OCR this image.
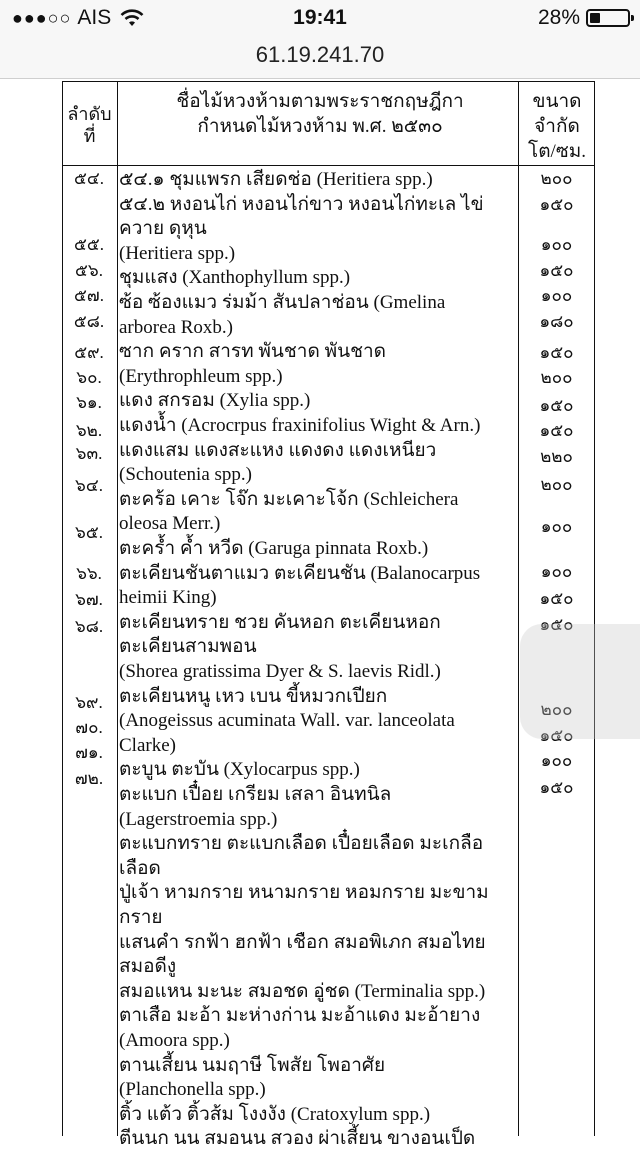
●●●○○ AIS	19:41	28%
61.19.241.70
ลำดับที่
ชื่อไม้หวงห้ามตามพระราชกฤษฎีกากำหนดไม้หวงห้าม พ.ศ. ๒๕๓๐
ขนาดจำกัดโต/ซม.
๕๔.
๕๕.
๕๖.
๕๗.
๕๘.
๕๙.
๖๐.
๖๑.
๖๒.
๖๓.
๖๔.
๖๕.
๖๖.
๖๗.
๖๘.
๖๙.
๗๐.
๗๑.
๗๒.
๕๔.๑ ชุมแพรก เสียดช่อ (Heritiera spp.)
๕๔.๒ หงอนไก่ หงอนไก่ขาว หงอนไก่ทะเล ไข่
ควาย ดุหุน
(Heritiera spp.)
ชุมแสง (Xanthophyllum spp.)
ซ้อ ซ้องแมว ร่มม้า สันปลาช่อน (Gmelina
arborea Roxb.)
ซาก คราก สารท พันชาด พันชาด
(Erythrophleum spp.)
แดง สกรอม (Xylia spp.)
แดงน้ำ (Acrocrpus fraxinifolius Wight & Arn.)
แดงแสม แดงสะแหง แดงดง แดงเหนียว
(Schoutenia spp.)
ตะคร้อ เคาะ โจ๊ก มะเคาะโจ้ก (Schleichera
oleosa Merr.)
ตะคร้ำ ค้ำ หวีด (Garuga pinnata Roxb.)
ตะเคียนชันตาแมว ตะเคียนชัน (Balanocarpus
heimii King)
ตะเคียนทราย ชวย คันหอก ตะเคียนหอก
ตะเคียนสามพอน
(Shorea gratissima Dyer & S. laevis Ridl.)
ตะเคียนหนู เหว เบน ขี้หมวกเปียก
(Anogeissus acuminata Wall. var. lanceolata
Clarke)
ตะบูน ตะบัน (Xylocarpus spp.)
ตะแบก เปื๋อย เกรียม เสลา อินทนิล
(Lagerstroemia spp.)
ตะแบกทราย ตะแบกเลือด เปื๋อยเลือด มะเกลือ
เลือด
ปู่เจ้า หามกราย หนามกราย หอมกราย มะขาม
กราย
แสนคำ รกฟ้า ฮกฟ้า เชือก สมอพิเภก สมอไทย
สมอดีงู
สมอแหน มะนะ สมอชด อู่ชด (Terminalia spp.)
ตาเสือ มะอ้า มะห่างก่าน มะอ้าแดง มะอ้ายาง
(Amoora spp.)
ตานเสี้ยน นมฤาษี โพสัย โพอาศัย
(Planchonella spp.)
ติ้ว แต้ว ติ้วส้ม โงงงัง (Cratoxylum spp.)
ตีนนก นน สมอนน สวอง ผ่าเสี้ยน ขางอนเป็ด
๒๐๐
๑๕๐
๑๐๐
๑๕๐
๑๐๐
๑๘๐
๑๕๐
๒๐๐
๑๕๐
๑๕๐
๒๒๐
๒๐๐
๑๐๐
๑๐๐
๑๕๐
๑๕๐
๒๐๐
๑๕๐
๑๐๐
๑๕๐
